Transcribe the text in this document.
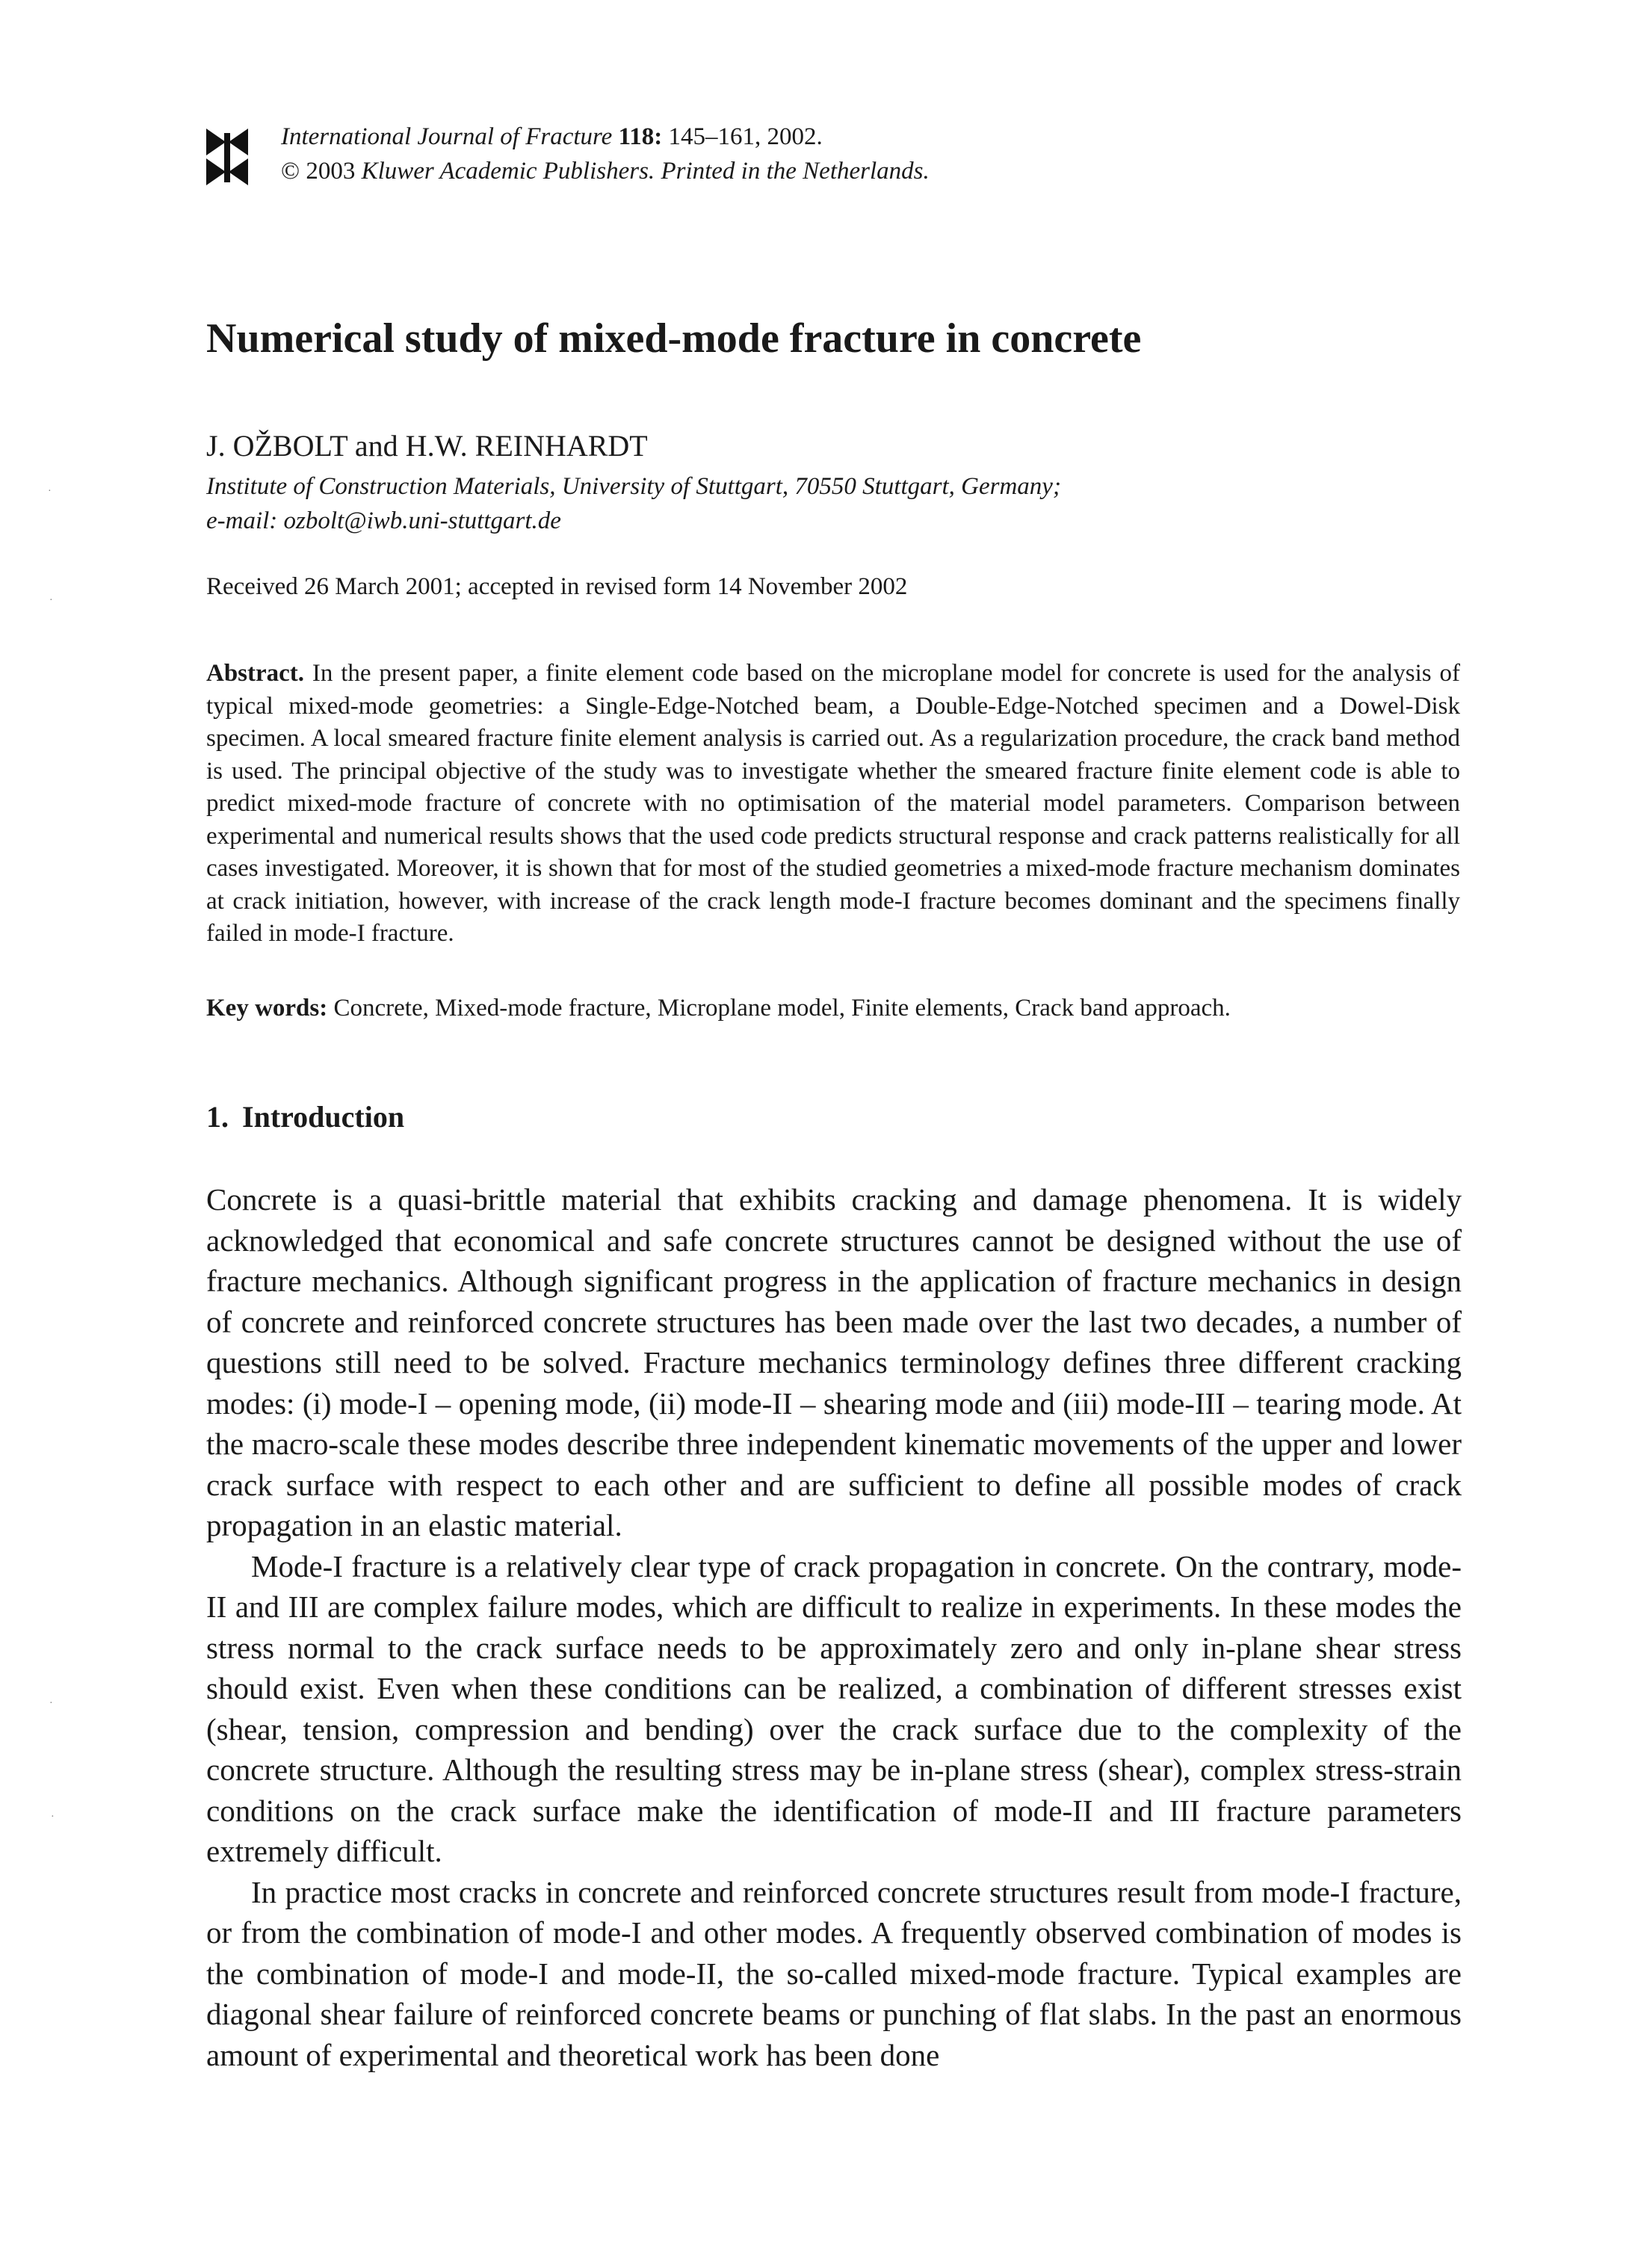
International Journal of Fracture 118: 145–161, 2002.
© 2003 Kluwer Academic Publishers. Printed in the Netherlands.
Numerical study of mixed-mode fracture in concrete
J. OŽBOLT and H.W. REINHARDT
Institute of Construction Materials, University of Stuttgart, 70550 Stuttgart, Germany;
e-mail: ozbolt@iwb.uni-stuttgart.de
Received 26 March 2001; accepted in revised form 14 November 2002

Abstract. In the present paper, a finite element code based on the microplane model for concrete is used for the analysis of typical mixed-mode geometries: a Single-Edge-Notched beam, a Double-Edge-Notched specimen and a Dowel-Disk specimen. A local smeared fracture finite element analysis is carried out. As a regularization procedure, the crack band method is used. The principal objective of the study was to investigate whether the smeared fracture finite element code is able to predict mixed-mode fracture of concrete with no optimisation of the material model parameters. Comparison between experimental and numerical results shows that the used code predicts structural response and crack patterns realistically for all cases investigated. Moreover, it is shown that for most of the studied geometries a mixed-mode fracture mechanism dominates at crack initiation, however, with increase of the crack length mode-I fracture becomes dominant and the specimens finally failed in mode-I fracture.

Key words: Concrete, Mixed-mode fracture, Microplane model, Finite elements, Crack band approach.

1. Introduction

Concrete is a quasi-brittle material that exhibits cracking and damage phenomena. It is widely acknowledged that economical and safe concrete structures cannot be designed without the use of fracture mechanics. Although significant progress in the application of fracture mechanics in design of concrete and reinforced concrete structures has been made over the last two decades, a number of questions still need to be solved. Fracture mechanics terminology defines three different cracking modes: (i) mode-I – opening mode, (ii) mode-II – shearing mode and (iii) mode-III – tearing mode. At the macro-scale these modes describe three independent kinematic movements of the upper and lower crack surface with respect to each other and are sufficient to define all possible modes of crack propagation in an elastic material.

Mode-I fracture is a relatively clear type of crack propagation in concrete. On the contrary, mode-II and III are complex failure modes, which are difficult to realize in experiments. In these modes the stress normal to the crack surface needs to be approximately zero and only in-plane shear stress should exist. Even when these conditions can be realized, a combination of different stresses exist (shear, tension, compression and bending) over the crack surface due to the complexity of the concrete structure. Although the resulting stress may be in-plane stress (shear), complex stress-strain conditions on the crack surface make the identification of mode-II and III fracture parameters extremely difficult.

In practice most cracks in concrete and reinforced concrete structures result from mode-I fracture, or from the combination of mode-I and other modes. A frequently observed combination of modes is the combination of mode-I and mode-II, the so-called mixed-mode fracture. Typical examples are diagonal shear failure of reinforced concrete beams or punching of flat slabs. In the past an enormous amount of experimental and theoretical work has been done

·
·
·
·
